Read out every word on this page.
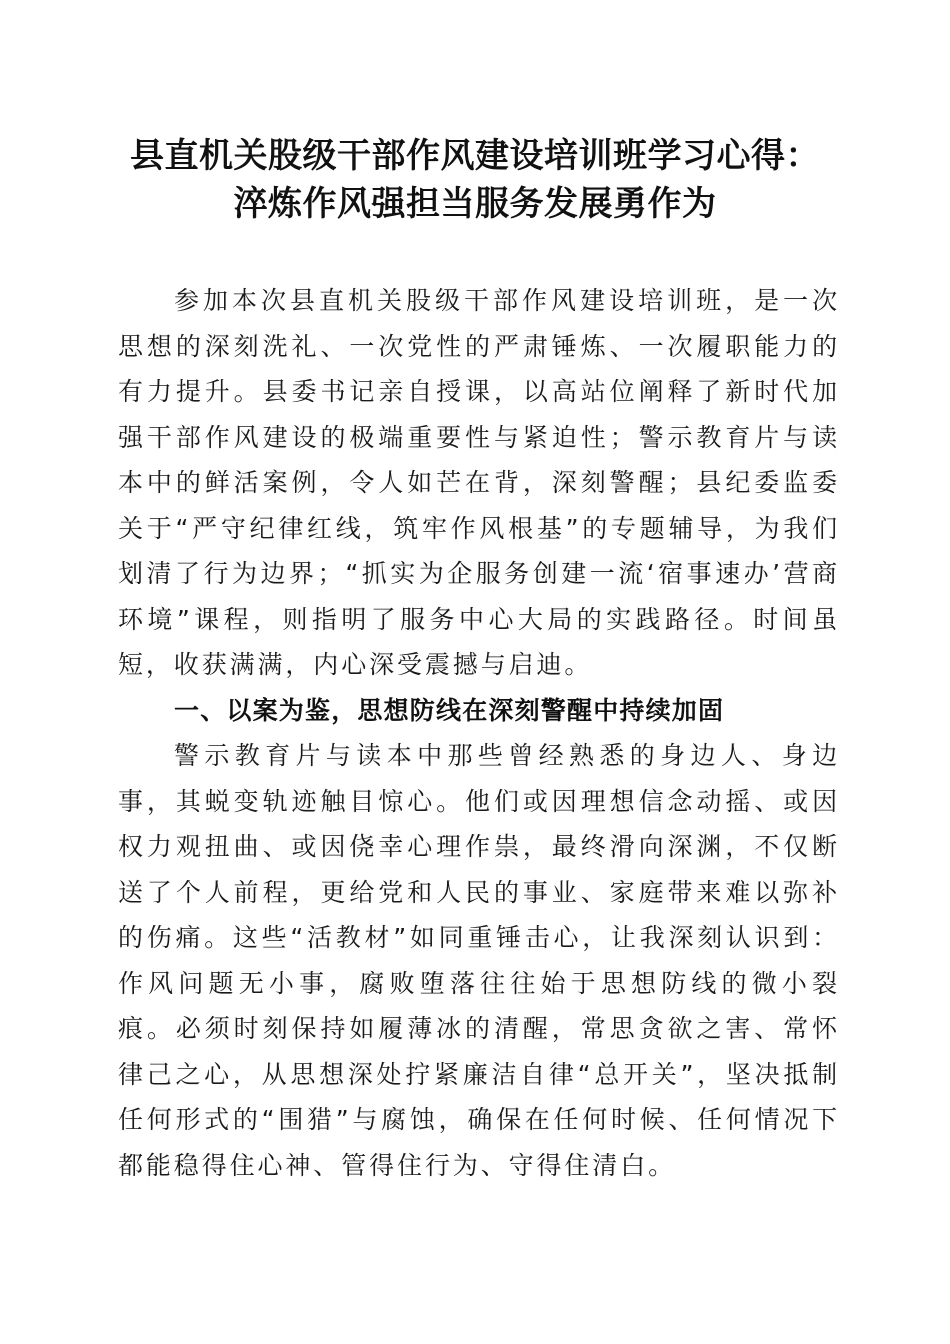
县直机关股级干部作风建设培训班学习心得：
淬炼作风强担当服务发展勇作为

参加本次县直机关股级干部作风建设培训班，是一次思想的深刻洗礼、一次党性的严肃锤炼、一次履职能力的有力提升。县委书记亲自授课，以高站位阐释了新时代加强干部作风建设的极端重要性与紧迫性；警示教育片与读本中的鲜活案例，令人如芒在背，深刻警醒；县纪委监委关于“严守纪律红线，筑牢作风根基”的专题辅导，为我们划清了行为边界；“抓实为企服务创建一流‘宿事速办’营商环境”课程，则指明了服务中心大局的实践路径。时间虽短，收获满满，内心深受震撼与启迪。

一、以案为鉴，思想防线在深刻警醒中持续加固

警示教育片与读本中那些曾经熟悉的身边人、身边事，其蜕变轨迹触目惊心。他们或因理想信念动摇、或因权力观扭曲、或因侥幸心理作祟，最终滑向深渊，不仅断送了个人前程，更给党和人民的事业、家庭带来难以弥补的伤痛。这些“活教材”如同重锤击心，让我深刻认识到：作风问题无小事，腐败堕落往往始于思想防线的微小裂痕。必须时刻保持如履薄冰的清醒，常思贪欲之害、常怀律己之心，从思想深处拧紧廉洁自律“总开关”，坚决抵制任何形式的“围猎”与腐蚀，确保在任何时候、任何情况下都能稳得住心神、管得住行为、守得住清白。
